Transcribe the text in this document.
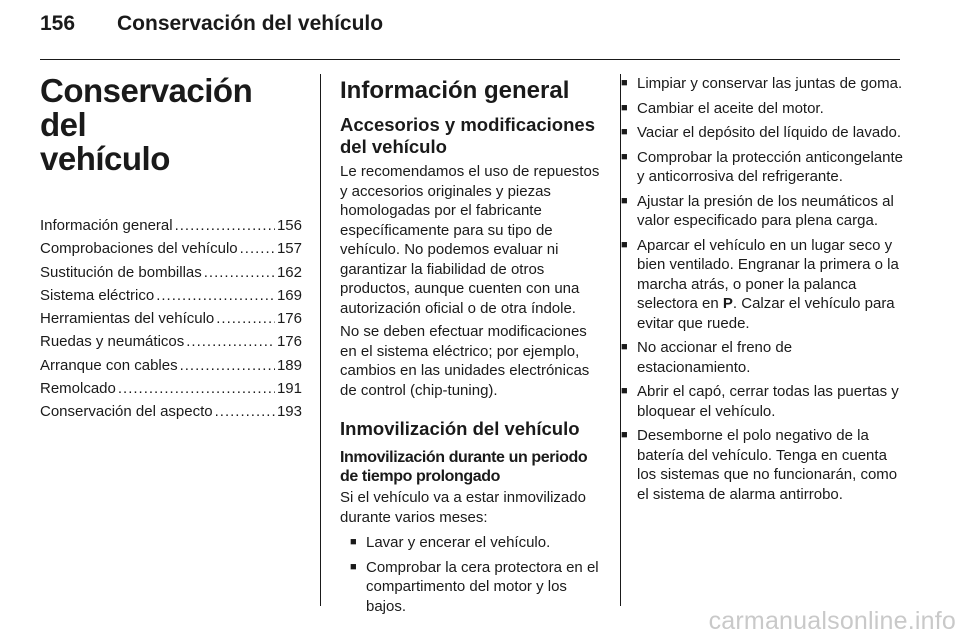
156 Conservación del vehículo
Conservación del
vehículo
Información general .....	156
Comprobaciones del vehículo .....	157
Sustitución de bombillas .....	162
Sistema eléctrico .....	169
Herramientas del vehículo .....	176
Ruedas y neumáticos .....	176
Arranque con cables .....	189
Remolcado .....	191
Conservación del aspecto .....	193
Información general
Accesorios y modificaciones del vehículo

Le recomendamos el uso de repuestos y accesorios originales y piezas homologadas por el fabricante específicamente para su tipo de vehículo. No podemos evaluar ni garantizar la fiabilidad de otros productos, aunque cuenten con una autorización oficial o de otra índole.

No se deben efectuar modificaciones en el sistema eléctrico; por ejemplo, cambios en las unidades electrónicas de control (chip-tuning).

Inmovilización del vehículo
Inmovilización durante un periodo de tiempo prolongado

Si el vehículo va a estar inmovilizado durante varios meses:

■ Lavar y encerar el vehículo.
■ Comprobar la cera protectora en el compartimento del motor y los bajos.
■ Limpiar y conservar las juntas de goma.
■ Cambiar el aceite del motor.
■ Vaciar el depósito del líquido de lavado.
■ Comprobar la protección anticongelante y anticorrosiva del refrigerante.
■ Ajustar la presión de los neumáticos al valor especificado para plena carga.
■ Aparcar el vehículo en un lugar seco y bien ventilado. Engranar la primera o la marcha atrás, o poner la palanca selectora en P. Calzar el vehículo para evitar que ruede.
■ No accionar el freno de estacionamiento.
■ Abrir el capó, cerrar todas las puertas y bloquear el vehículo.
■ Desemborne el polo negativo de la batería del vehículo. Tenga en cuenta los sistemas que no funcionarán, como el sistema de alarma antirrobo.
carmanualsonline.info
